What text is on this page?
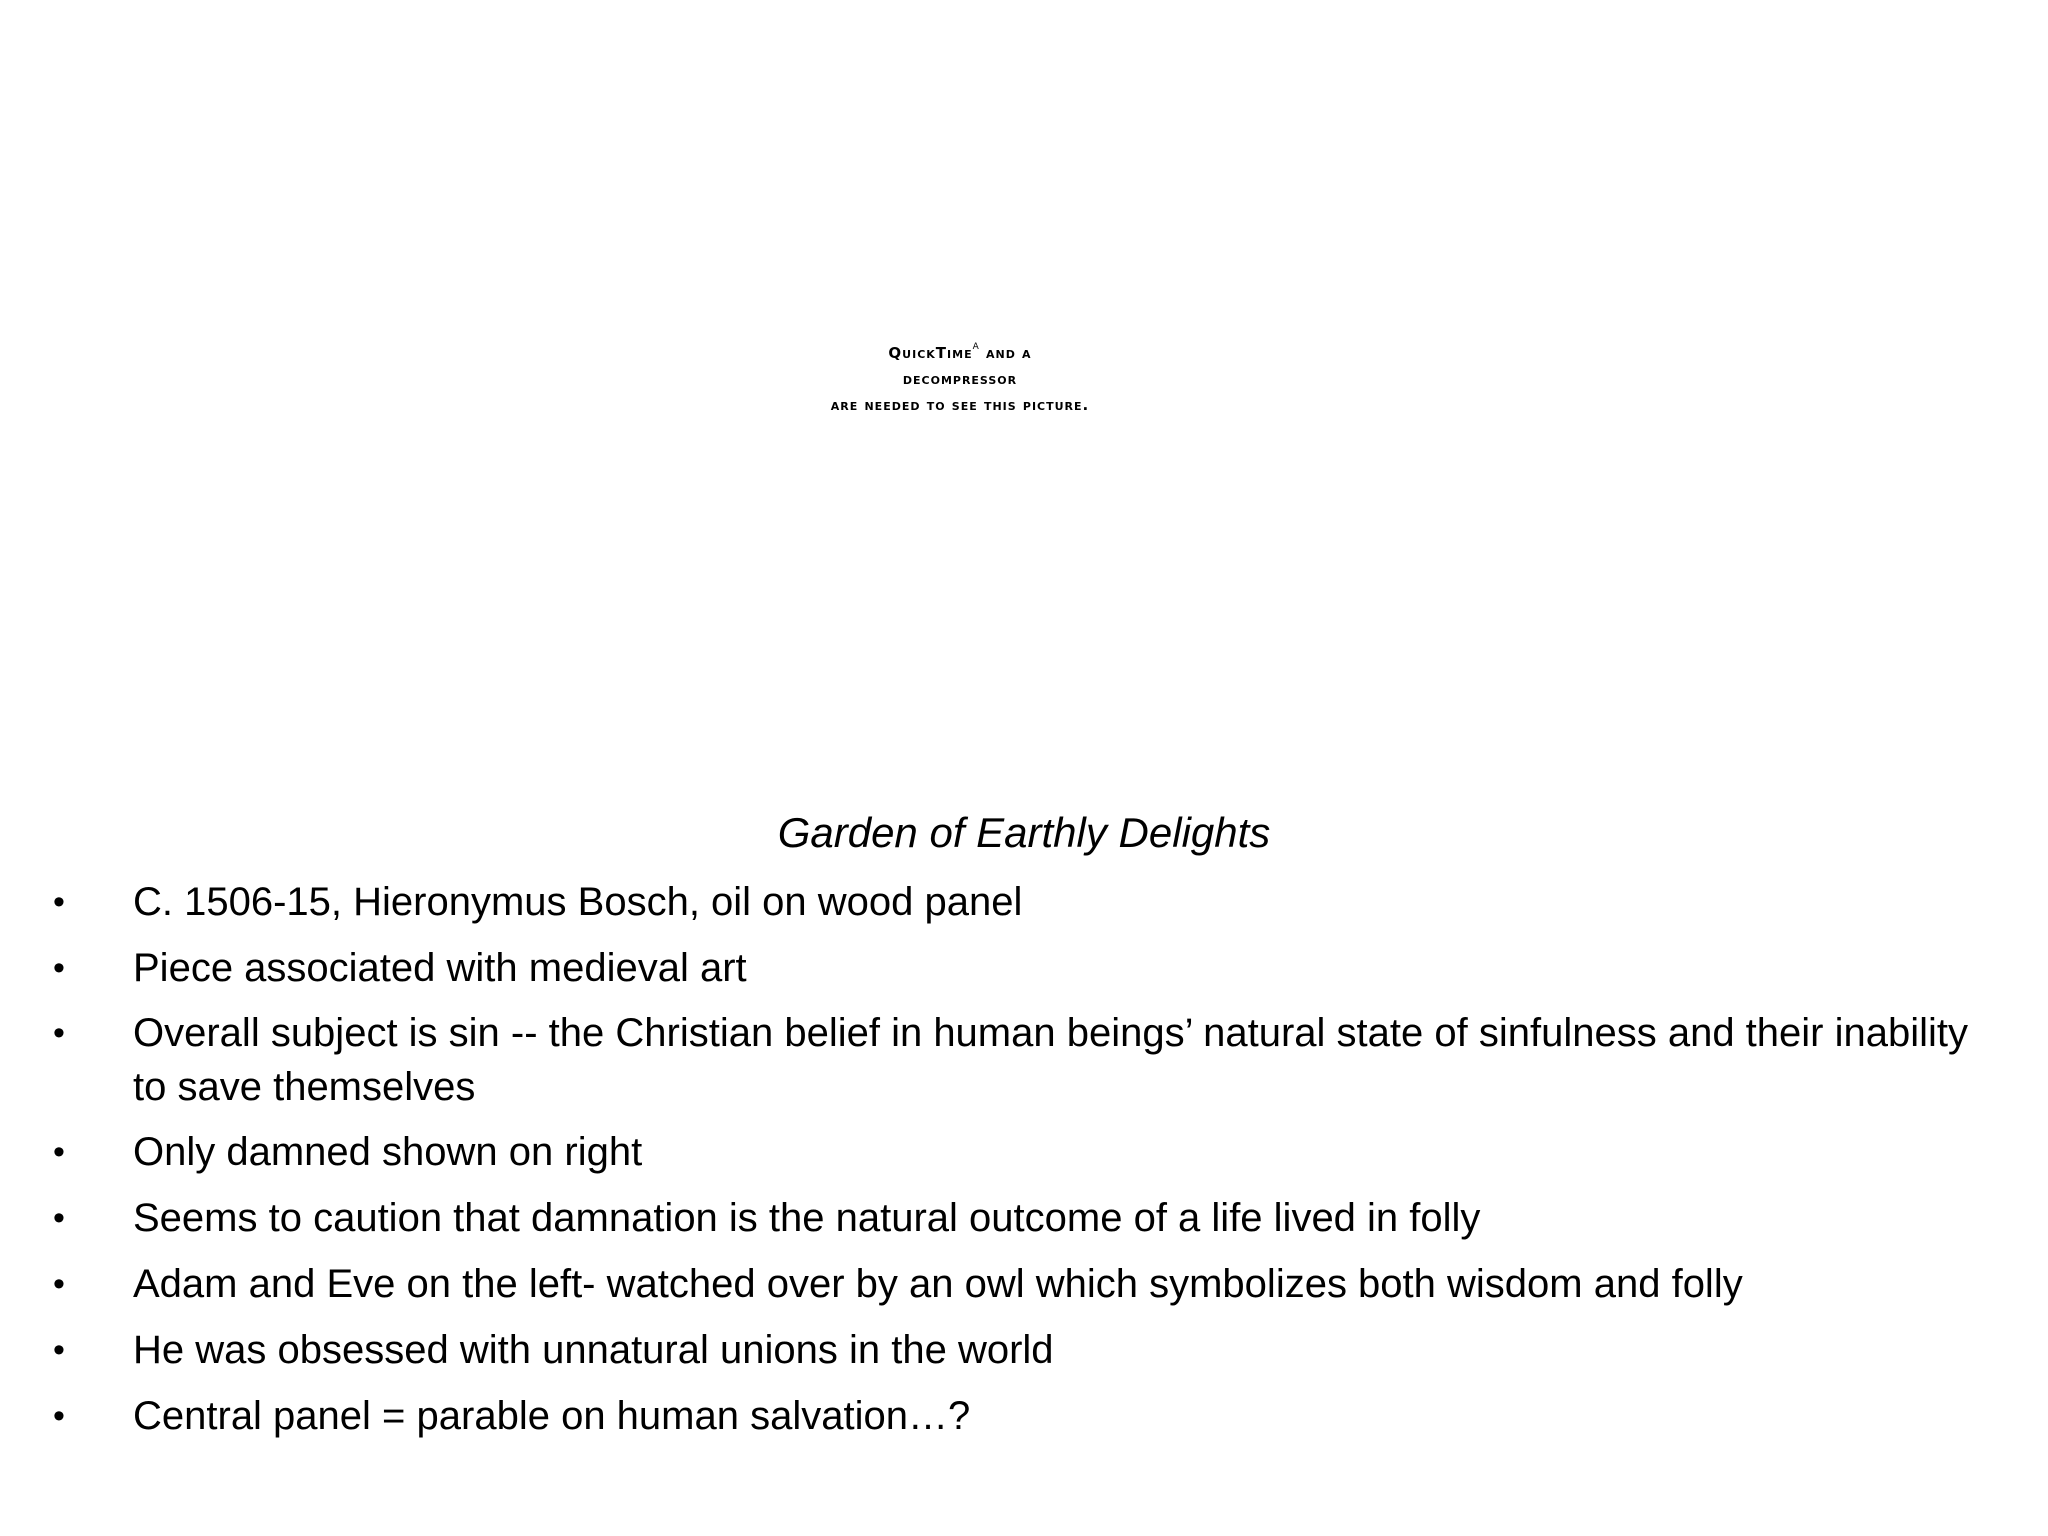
QuickTime$^a$ and a
decompressor
are needed to see this picture.
Garden of Earthly Delights
• C. 1506-15, Hieronymus Bosch, oil on wood panel
• Piece associated with medieval art
• Overall subject is sin -- the Christian belief in human beings’ natural state of sinfulness and their inability to save themselves
• Only damned shown on right
• Seems to caution that damnation is the natural outcome of a life lived in folly
• Adam and Eve on the left- watched over by an owl which symbolizes both wisdom and folly
• He was obsessed with unnatural unions in the world
• Central panel = parable on human salvation…?
